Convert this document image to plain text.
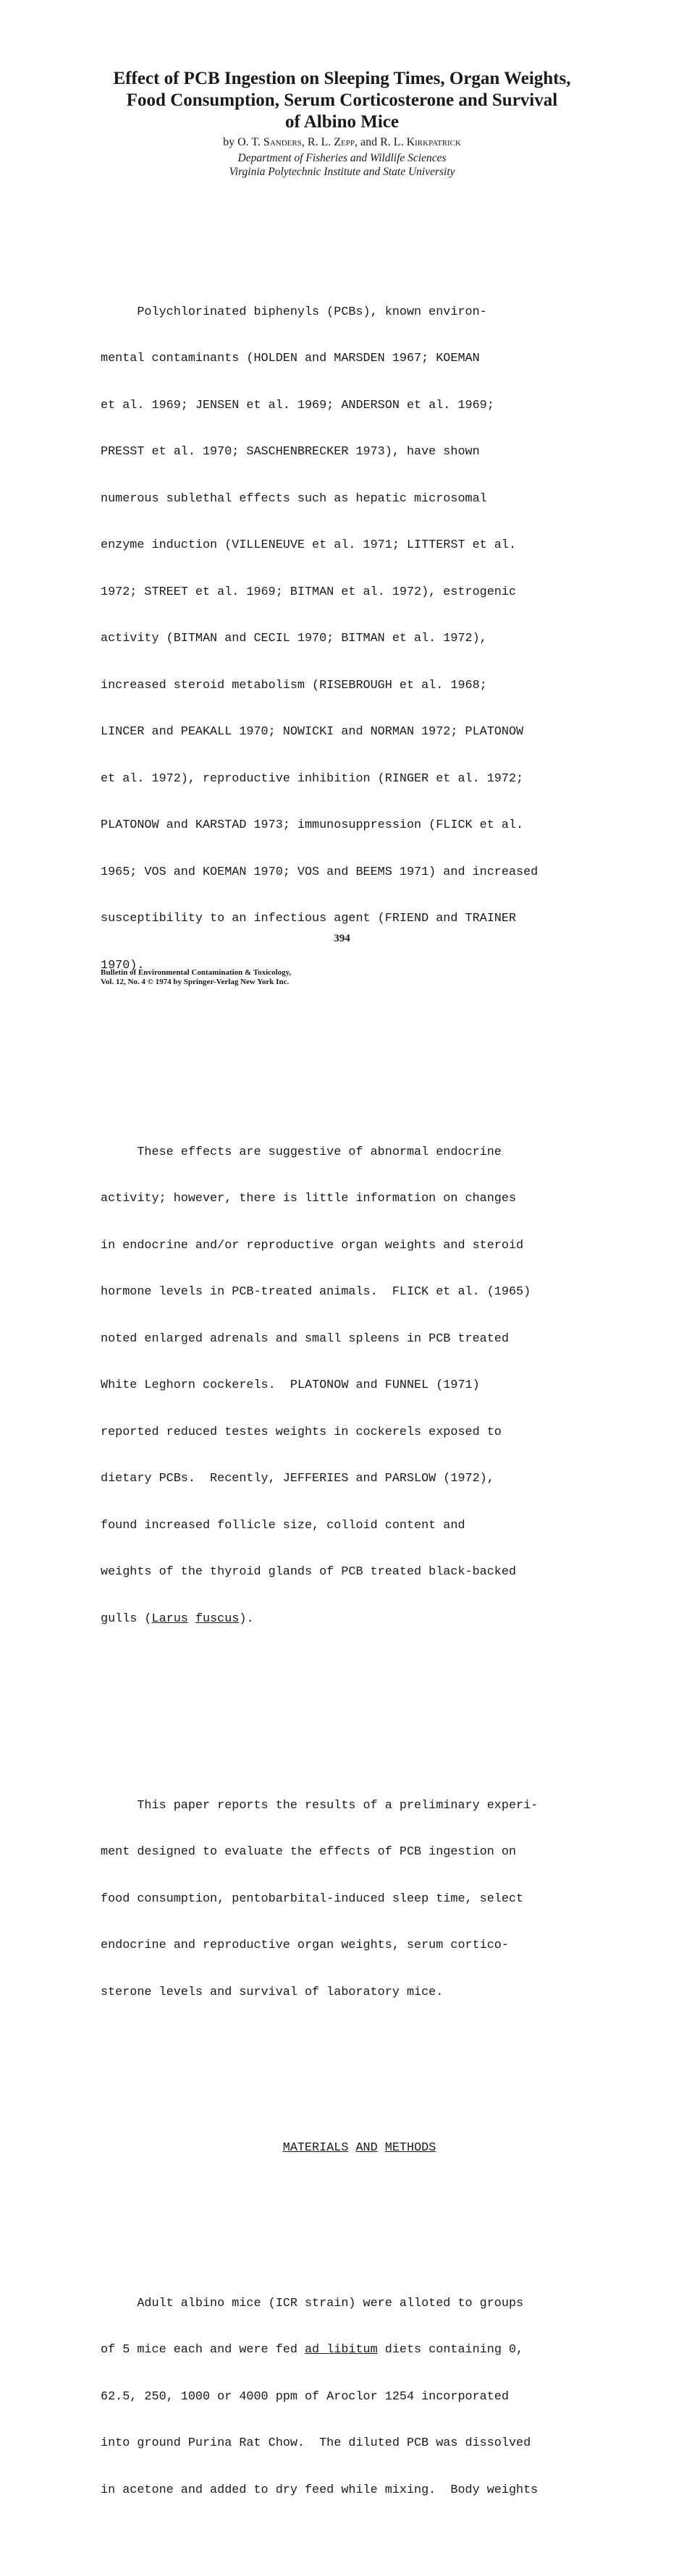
Effect of PCB Ingestion on Sleeping Times, Organ Weights,
Food Consumption, Serum Corticosterone and Survival
of Albino Mice
by O. T. Sanders, R. L. Zepp, and R. L. Kirkpatrick
Department of Fisheries and Wildlife Sciences
Virginia Polytechnic Institute and State University

Polychlorinated biphenyls (PCBs), known environ-

mental contaminants (HOLDEN and MARSDEN 1967; KOEMAN

et al. 1969; JENSEN et al. 1969; ANDERSON et al. 1969;

PRESST et al. 1970; SASCHENBRECKER 1973), have shown

numerous sublethal effects such as hepatic microsomal

enzyme induction (VILLENEUVE et al. 1971; LITTERST et al.

1972; STREET et al. 1969; BITMAN et al. 1972), estrogenic

activity (BITMAN and CECIL 1970; BITMAN et al. 1972),

increased steroid metabolism (RISEBROUGH et al. 1968;

LINCER and PEAKALL 1970; NOWICKI and NORMAN 1972; PLATONOW

et al. 1972), reproductive inhibition (RINGER et al. 1972;

PLATONOW and KARSTAD 1973; immunosuppression (FLICK et al.

1965; VOS and KOEMAN 1970; VOS and BEEMS 1971) and increased

susceptibility to an infectious agent (FRIEND and TRAINER

1970).

These effects are suggestive of abnormal endocrine

activity; however, there is little information on changes

in endocrine and/or reproductive organ weights and steroid

hormone levels in PCB-treated animals.  FLICK et al. (1965)

noted enlarged adrenals and small spleens in PCB treated

White Leghorn cockerels.  PLATONOW and FUNNEL (1971)

reported reduced testes weights in cockerels exposed to

dietary PCBs.  Recently, JEFFERIES and PARSLOW (1972),

found increased follicle size, colloid content and

weights of the thyroid glands of PCB treated black-backed

gulls (Larus fuscus).

This paper reports the results of a preliminary experi-

ment designed to evaluate the effects of PCB ingestion on

food consumption, pentobarbital-induced sleep time, select

endocrine and reproductive organ weights, serum cortico-

sterone levels and survival of laboratory mice.

MATERIALS AND METHODS

Adult albino mice (ICR strain) were alloted to groups

of 5 mice each and were fed ad libitum diets containing 0,

62.5, 250, 1000 or 4000 ppm of Aroclor 1254 incorporated

into ground Purina Rat Chow.  The diluted PCB was dissolved

in acetone and added to dry feed while mixing.  Body weights

394
Bulletin of Environmental Contamination & Toxicology,
Vol. 12, No. 4 © 1974 by Springer-Verlag New York Inc.
